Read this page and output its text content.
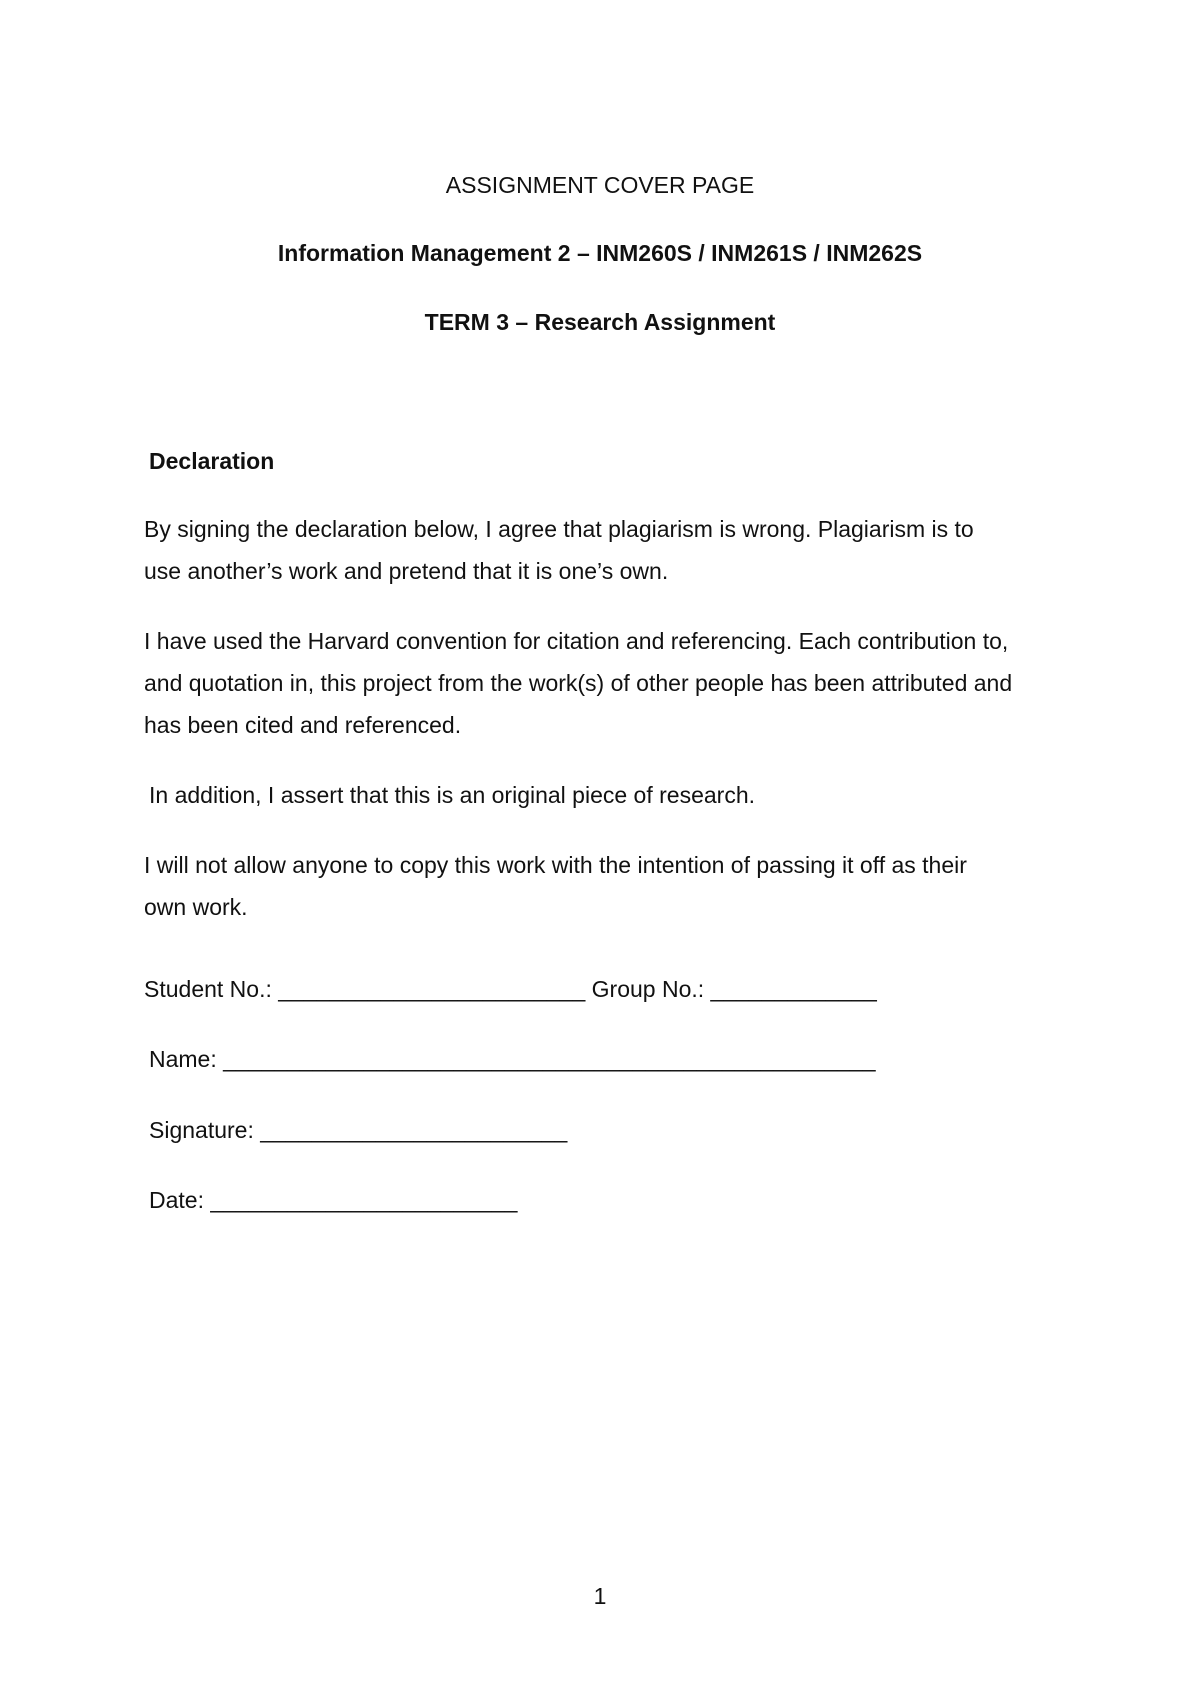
ASSIGNMENT COVER PAGE
Information Management 2 – INM260S / INM261S / INM262S
TERM 3 – Research Assignment
Declaration
By signing the declaration below, I agree that plagiarism is wrong. Plagiarism is to
use another’s work and pretend that it is one’s own.
I have used the Harvard convention for citation and referencing. Each contribution to,
and quotation in, this project from the work(s) of other people has been attributed and
has been cited and referenced.
In addition, I assert that this is an original piece of research.
I will not allow anyone to copy this work with the intention of passing it off as their
own work.
Student No.: ________________________ Group No.: _____________
Name: ___________________________________________________
Signature: ________________________
Date: ________________________
1
